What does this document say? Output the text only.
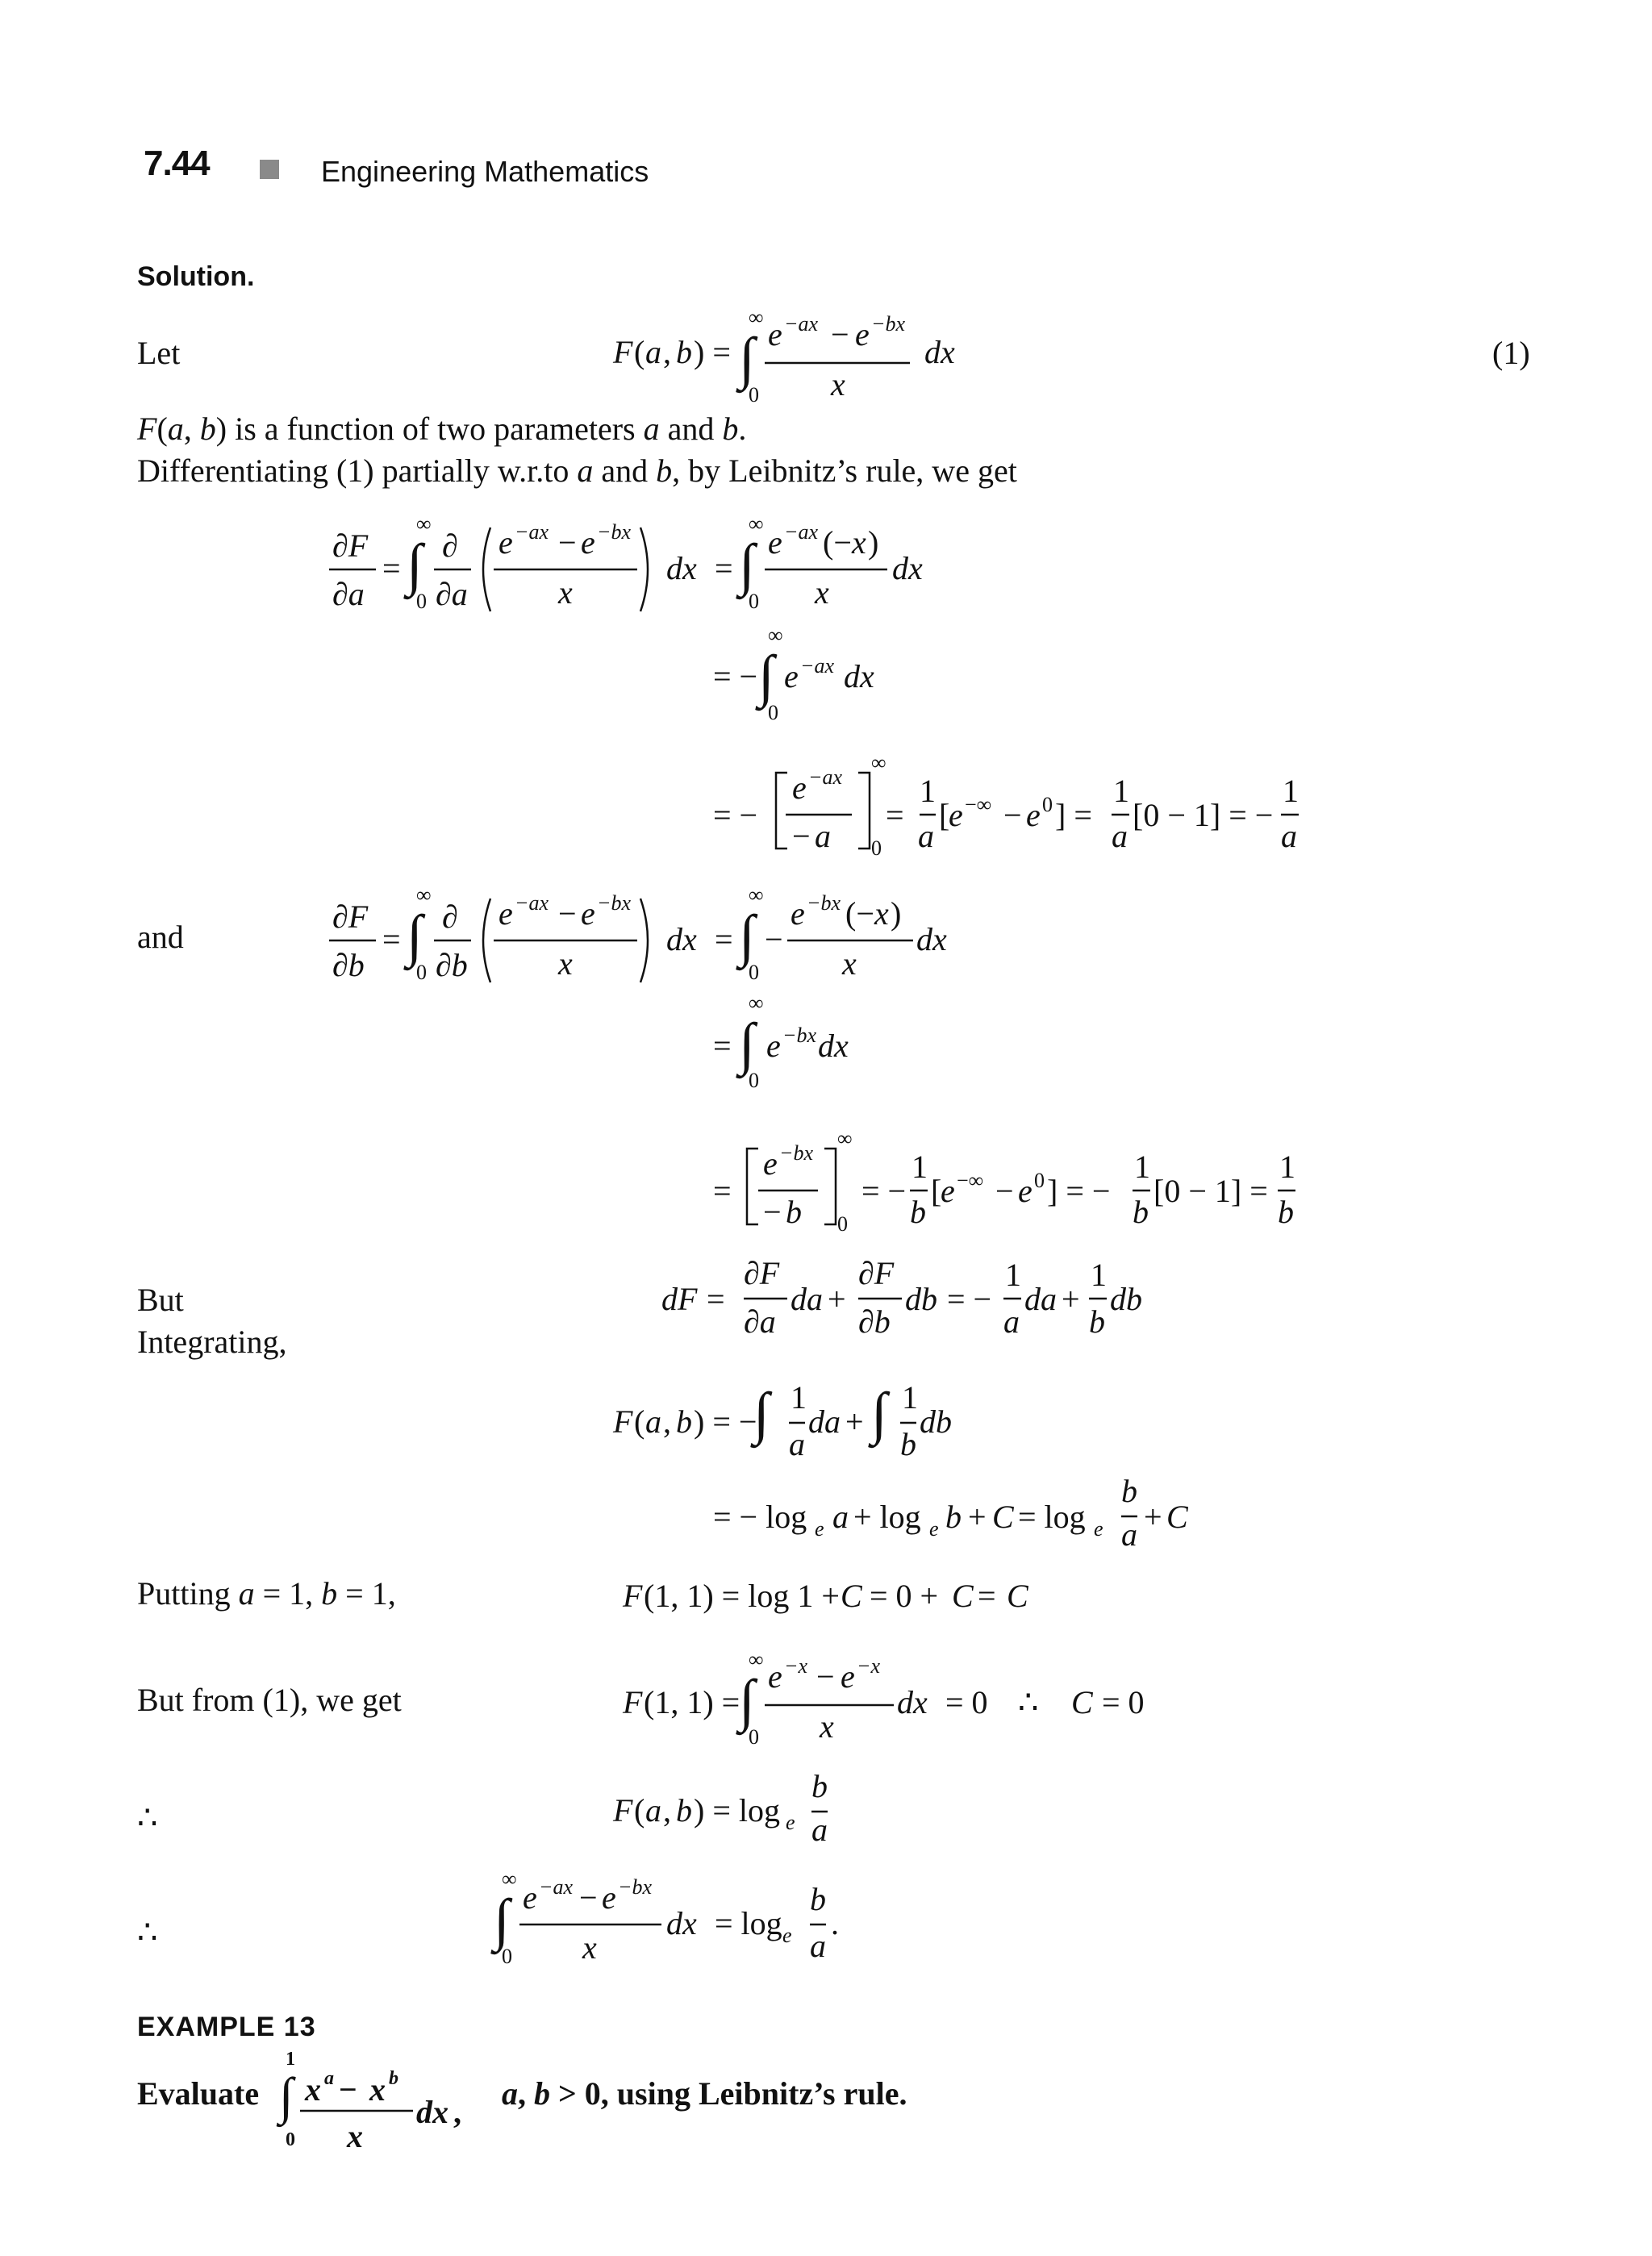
7.44	Engineering Mathematics
Solution.
Let	(1)
F(a, b) is a function of two parameters a and b.
Differentiating (1) partially w.r.to a and b, by Leibnitz’s rule, we get
and
But
Integrating,
Putting a = 1, b = 1,
But from (1), we get
∴
∴
∫
∫	∫
∫
∫	∫
∫
∫ ∫
∫
∫
∞
0
∞
0
∞
0
∞
0
∞
0
∞
0
∞
0
∞
0
∞
0
∞
0
∞
0
F ( a , b ) = e −ax − e −bx
x
dx
∂F
∂a
=
∂
∂a
e −ax − e −bx
x
dx =
e −ax (− x )
x
dx
= − e −ax dx
= −
e −ax
− a
=
1
a
[
e −∞ − e 0 ] =
1
a
[0 − 1] = −
1
a
∂F
∂b
=
∂
∂b
e −ax − e −bx
x
dx = −
e −bx (− x )
x
dx
= e −bx dx
=
e −bx
− b
= −
1
b
[
e −∞ − e 0 ] = −
1
b
[0 − 1] =
1
b
dF =
∂F
∂a
da +
∂F
∂b
db = −
1
a
da +
1
b
db
F ( a , b ) = −
1
a
da +
1
b
db
= − log e a + log e b + C = log e
b
a + C
F (1, 1) = log 1 + C = 0 + C = C
F (1, 1) =
e −x − e −x
x
dx = 0 ∴ C = 0
F ( a , b ) = log e
b
a
e −ax − e −bx
x
dx = log e
b
a
.
∫
1
0
x a − x b
x
dx ,
EXAMPLE 13
Evaluate	a, b > 0, using Leibnitz’s rule.
